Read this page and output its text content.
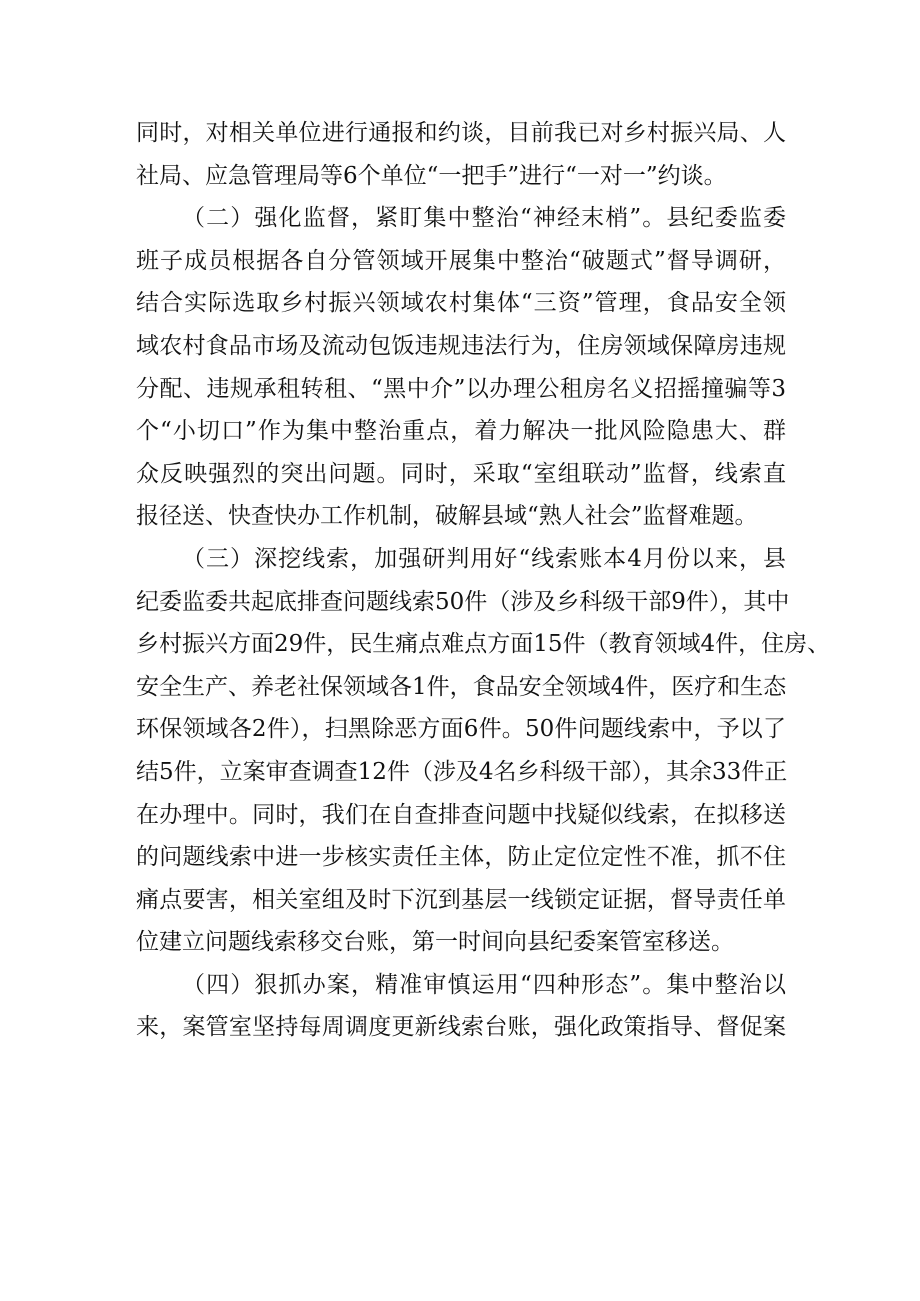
同时，对相关单位进行通报和约谈，目前我已对乡村振兴局、人
社局、应急管理局等6个单位“一把手”进行“一对一”约谈。
（二）强化监督，紧盯集中整治“神经末梢”。县纪委监委
班子成员根据各自分管领域开展集中整治“破题式”督导调研，
结合实际选取乡村振兴领域农村集体“三资”管理，食品安全领
域农村食品市场及流动包饭违规违法行为，住房领域保障房违规
分配、违规承租转租、“黑中介”以办理公租房名义招摇撞骗等3
个“小切口”作为集中整治重点，着力解决一批风险隐患大、群
众反映强烈的突出问题。同时，采取“室组联动”监督，线索直
报径送、快查快办工作机制，破解县域“熟人社会”监督难题。
（三）深挖线索，加强研判用好“线索账本4月份以来，县
纪委监委共起底排查问题线索50件（涉及乡科级干部9件），其中
乡村振兴方面29件，民生痛点难点方面15件（教育领域4件，住房、
安全生产、养老社保领域各1件，食品安全领域4件，医疗和生态
环保领域各2件），扫黑除恶方面6件。50件问题线索中，予以了
结5件，立案审查调查12件（涉及4名乡科级干部），其余33件正
在办理中。同时，我们在自查排查问题中找疑似线索，在拟移送
的问题线索中进一步核实责任主体，防止定位定性不准，抓不住
痛点要害，相关室组及时下沉到基层一线锁定证据，督导责任单
位建立问题线索移交台账，第一时间向县纪委案管室移送。
（四）狠抓办案，精准审慎运用“四种形态”。集中整治以
来，案管室坚持每周调度更新线索台账，强化政策指导、督促案
